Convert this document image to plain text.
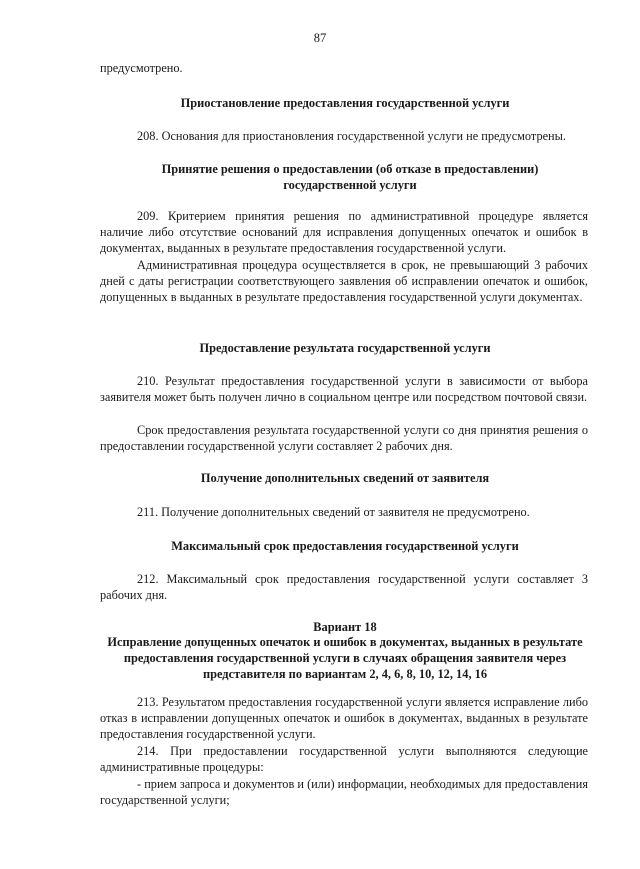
87

предусмотрено.

Приостановление предоставления государственной услуги

208. Основания для приостановления государственной услуги не предусмотрены.

Принятие решения о предоставлении (об отказе в предоставлении) государственной услуги

209. Критерием принятия решения по административной процедуре является наличие либо отсутствие оснований для исправления допущенных опечаток и ошибок в документах, выданных в результате предоставления государственной услуги.

Административная процедура осуществляется в срок, не превышающий 3 рабочих дней с даты регистрации соответствующего заявления об исправлении опечаток и ошибок, допущенных в выданных в результате предоставления государственной услуги документах.

Предоставление результата государственной услуги

210. Результат предоставления государственной услуги в зависимости от выбора заявителя может быть получен лично в социальном центре или посредством почтовой связи.

Срок предоставления результата государственной услуги со дня принятия решения о предоставлении государственной услуги составляет 2 рабочих дня.

Получение дополнительных сведений от заявителя

211. Получение дополнительных сведений от заявителя не предусмотрено.

Максимальный срок предоставления государственной услуги

212. Максимальный срок предоставления государственной услуги составляет 3 рабочих дня.

Вариант 18

Исправление допущенных опечаток и ошибок в документах, выданных в результате предоставления государственной услуги в случаях обращения заявителя через представителя по вариантам 2, 4, 6, 8, 10, 12, 14, 16

213. Результатом предоставления государственной услуги является исправление либо отказ в исправлении допущенных опечаток и ошибок в документах, выданных в результате предоставления государственной услуги.

214. При предоставлении государственной услуги выполняются следующие административные процедуры:

- прием запроса и документов и (или) информации, необходимых для предоставления государственной услуги;
